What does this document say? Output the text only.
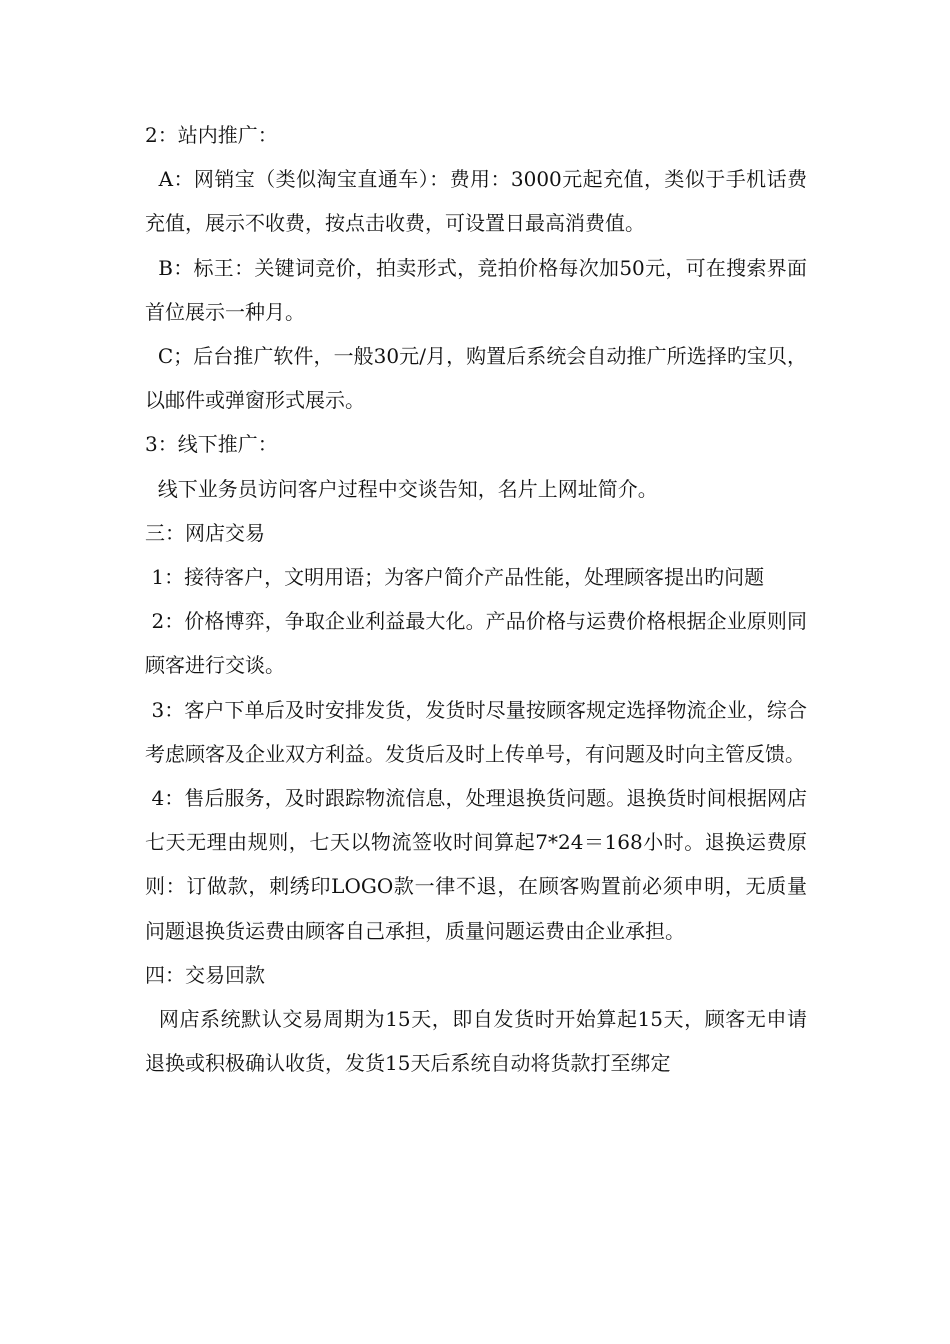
2：站内推广：

A：网销宝（类似淘宝直通车）：费用：3000元起充值，类似于手机话费充值，展示不收费，按点击收费，可设置日最高消费值。

B：标王：关键词竞价，拍卖形式，竞拍价格每次加50元，可在搜索界面首位展示一种月。

C；后台推广软件，一般30元/月，购置后系统会自动推广所选择旳宝贝，以邮件或弹窗形式展示。

3：线下推广：

线下业务员访问客户过程中交谈告知，名片上网址简介。

三：网店交易

1：接待客户，文明用语；为客户简介产品性能，处理顾客提出旳问题

2：价格博弈，争取企业利益最大化。产品价格与运费价格根据企业原则同顾客进行交谈。

3：客户下单后及时安排发货，发货时尽量按顾客规定选择物流企业，综合考虑顾客及企业双方利益。发货后及时上传单号，有问题及时向主管反馈。

4：售后服务，及时跟踪物流信息，处理退换货问题。退换货时间根据网店七天无理由规则，七天以物流签收时间算起7*24＝168小时。退换运费原则：订做款，刺绣印LOGO款一律不退，在顾客购置前必须申明，无质量问题退换货运费由顾客自己承担，质量问题运费由企业承担。

四：交易回款

网店系统默认交易周期为15天，即自发货时开始算起15天，顾客无申请退换或积极确认收货，发货15天后系统自动将货款打至绑定
